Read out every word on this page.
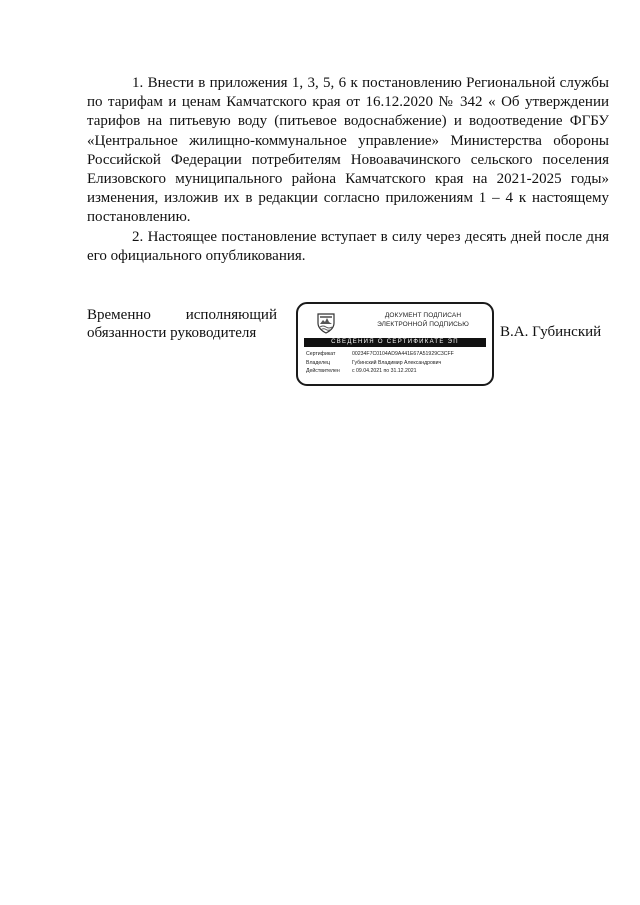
1. Внести в приложения 1, 3, 5, 6 к постановлению Региональной службы по тарифам и ценам Камчатского края от 16.12.2020 № 342 « Об утверждении тарифов на питьевую воду (питьевое водоснабжение) и водоотведение ФГБУ «Центральное жилищно-коммунальное управление» Министерства обороны Российской Федерации потребителям Новоавачинского сельского поселения Елизовского муниципального района Камчатского края на 2021-2025 годы» изменения, изложив их в редакции согласно приложениям 1 – 4 к настоящему постановлению.

2. Настоящее постановление вступает в силу через десять дней после дня его официального опубликования.

Временно исполняющий
обязанности руководителя
ДОКУМЕНТ ПОДПИСАН
ЭЛЕКТРОННОЙ ПОДПИСЬЮ
СВЕДЕНИЯ О СЕРТИФИКАТЕ ЭП
Сертификат	00234F7C0104AD9A441E67A51929C3CFF
Владелец	Губинский Владимир Александрович
Действителен	с 09.04.2021 по 31.12.2021
В.А. Губинский
